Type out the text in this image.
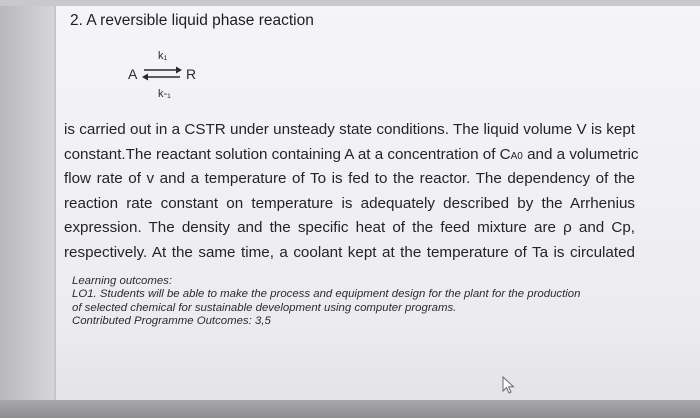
2. A reversible liquid phase reaction
A
k₁
⇌ R
k-₁
is carried out in a CSTR under unsteady state conditions. The liquid volume V is kept
constant.The reactant solution containing A at a concentration of CA0 and a volumetric
flow rate of v and a temperature of To is fed to the reactor. The dependency of the
reaction rate constant on temperature is adequately described by the Arrhenius
expression. The density and the specific heat of the feed mixture are ρ and Cp,
respectively. At the same time, a coolant kept at the temperature of Ta is circulated
Learning outcomes:
LO1. Students will be able to make the process and equipment design for the plant for the production
of selected chemical for sustainable development using computer programs.
Contributed Programme Outcomes: 3,5
